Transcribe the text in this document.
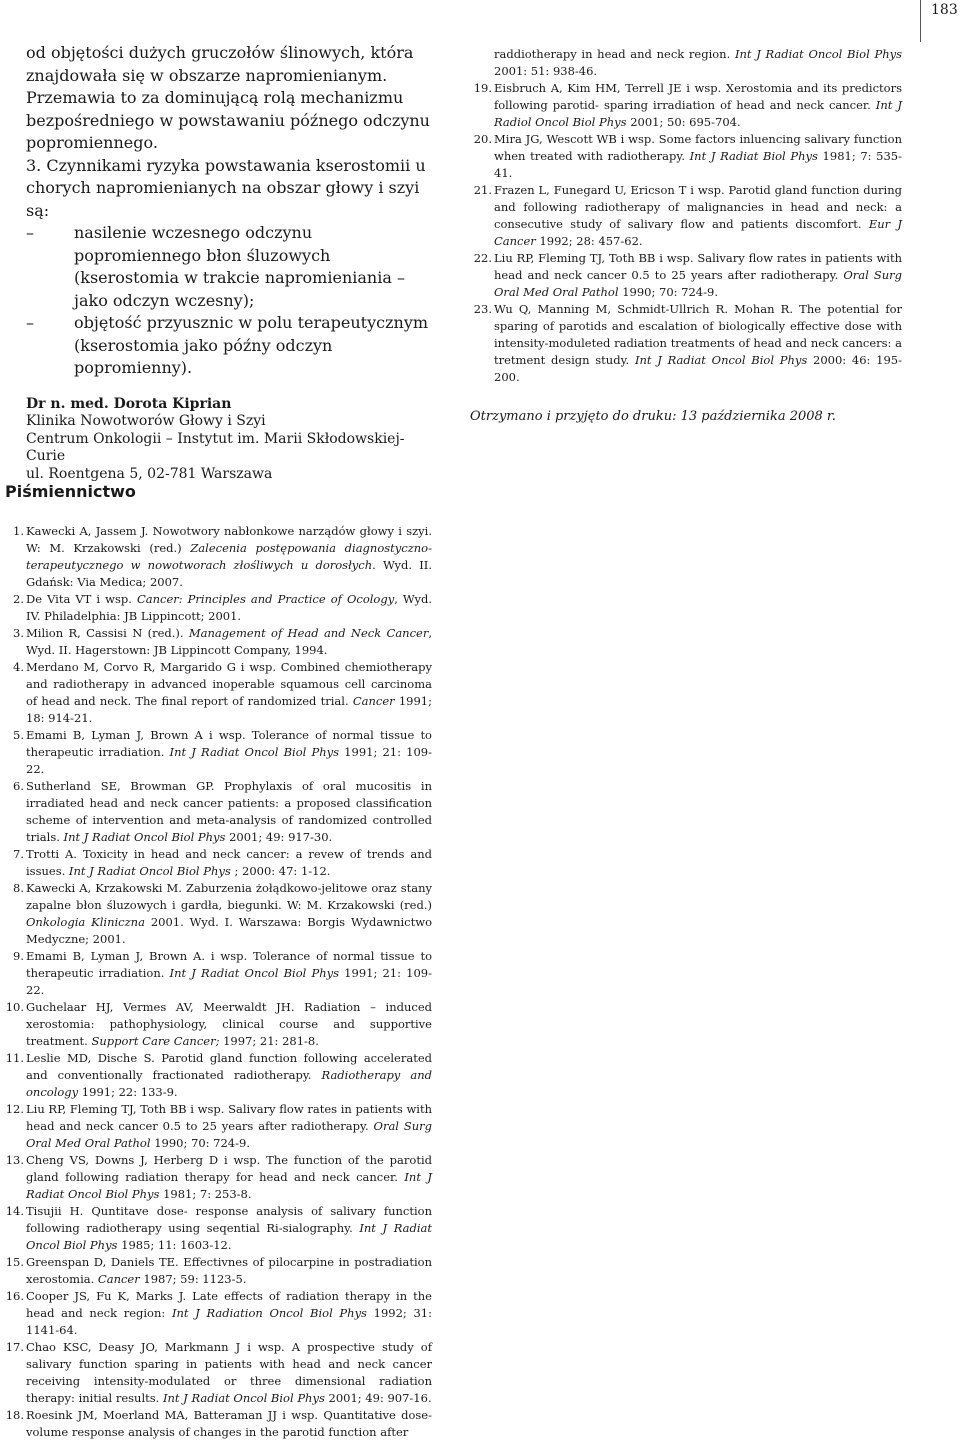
183

od objętości dużych gruczołów ślinowych, która znajdowała się w obszarze napromienianym. Przemawia to za dominującą rolą mechanizmu bezpośredniego w powstawaniu późnego odczynu popromiennego.

3. Czynnikami ryzyka powstawania kserostomii u chorych napromienianych na obszar głowy i szyi są:

–	nasilenie wczesnego odczynu popromiennego błon śluzowych (kserostomia w trakcie napromieniania – jako odczyn wczesny);
–	objętość przyusznic w polu terapeutycznym (kserostomia jako późny odczyn popromienny).
Dr n. med. Dorota Kiprian
Klinika Nowotworów Głowy i Szyi
Centrum Onkologii – Instytut im. Marii Skłodowskiej-Curie
ul. Roentgena 5, 02-781 Warszawa
raddiotherapy in head and neck region. Int J Radiat Oncol Biol Phys 2001: 51: 938-46.
19. Eisbruch A, Kim HM, Terrell JE i wsp. Xerostomia and its predictors following parotid- sparing irradiation of head and neck cancer. Int J Radiol Oncol Biol Phys 2001; 50: 695-704.
20. Mira JG, Wescott WB i wsp. Some factors inluencing salivary function when treated with radiotherapy. Int J Radiat Biol Phys 1981; 7: 535-41.
21. Frazen L, Funegard U, Ericson T i wsp. Parotid gland function during and following radiotherapy of malignancies in head and neck: a consecutive study of salivary flow and patients discomfort. Eur J Cancer 1992; 28: 457-62.
22. Liu RP, Fleming TJ, Toth BB i wsp. Salivary flow rates in patients with head and neck cancer 0.5 to 25 years after radiotherapy. Oral Surg Oral Med Oral Pathol 1990; 70: 724-9.
23. Wu Q, Manning M, Schmidt-Ullrich R. Mohan R. The potential for sparing of parotids and escalation of biologically effective dose with intensity-moduleted radiation treatments of head and neck cancers: a tretment design study. Int J Radiat Oncol Biol Phys 2000: 46: 195-200.
Otrzymano i przyjęto do druku: 13 października 2008 r.
Piśmiennictwo
1. Kawecki A, Jassem J. Nowotwory nabłonkowe narządów głowy i szyi. W: M. Krzakowski (red.) Zalecenia postępowania diagnostyczno-terapeutycznego w nowotworach złośliwych u dorosłych. Wyd. II. Gdańsk: Via Medica; 2007.
2. De Vita VT i wsp. Cancer: Principles and Practice of Ocology, Wyd. IV. Philadelphia: JB Lippincott; 2001.
3. Milion R, Cassisi N (red.). Management of Head and Neck Cancer, Wyd. II. Hagerstown: JB Lippincott Company, 1994.
4. Merdano M, Corvo R, Margarido G i wsp. Combined chemiotherapy and radiotherapy in advanced inoperable squamous cell carcinoma of head and neck. The final report of randomized trial. Cancer 1991; 18: 914-21.
5. Emami B, Lyman J, Brown A i wsp. Tolerance of normal tissue to therapeutic irradiation. Int J Radiat Oncol Biol Phys 1991; 21: 109-22.
6. Sutherland SE, Browman GP. Prophylaxis of oral mucositis in irradiated head and neck cancer patients: a proposed classification scheme of intervention and meta-analysis of randomized controlled trials. Int J Radiat Oncol Biol Phys 2001; 49: 917-30.
7. Trotti A. Toxicity in head and neck cancer: a revew of trends and issues. Int J Radiat Oncol Biol Phys ; 2000: 47: 1-12.
8. Kawecki A, Krzakowski M. Zaburzenia żołądkowo-jelitowe oraz stany zapalne błon śluzowych i gardła, biegunki. W: M. Krzakowski (red.) Onkologia Kliniczna 2001. Wyd. I. Warszawa: Borgis Wydawnictwo Medyczne; 2001.
9. Emami B, Lyman J, Brown A. i wsp. Tolerance of normal tissue to therapeutic irradiation. Int J Radiat Oncol Biol Phys 1991; 21: 109-22.
10. Guchelaar HJ, Vermes AV, Meerwaldt JH. Radiation – induced xerostomia: pathophysiology, clinical course and supportive treatment. Support Care Cancer; 1997; 21: 281-8.
11. Leslie MD, Dische S. Parotid gland function following accelerated and conventionally fractionated radiotherapy. Radiotherapy and oncology 1991; 22: 133-9.
12. Liu RP, Fleming TJ, Toth BB i wsp. Salivary flow rates in patients with head and neck cancer 0.5 to 25 years after radiotherapy. Oral Surg Oral Med Oral Pathol 1990; 70: 724-9.
13. Cheng VS, Downs J, Herberg D i wsp. The function of the parotid gland following radiation therapy for head and neck cancer. Int J Radiat Oncol Biol Phys 1981; 7: 253-8.
14. Tisujii H. Quntitave dose- response analysis of salivary function following radiotherapy using seqential Ri-sialography. Int J Radiat Oncol Biol Phys 1985; 11: 1603-12.
15. Greenspan D, Daniels TE. Effectivnes of pilocarpine in postradiation xerostomia. Cancer 1987; 59: 1123-5.
16. Cooper JS, Fu K, Marks J. Late effects of radiation therapy in the head and neck region: Int J Radiation Oncol Biol Phys 1992; 31: 1141-64.
17. Chao KSC, Deasy JO, Markmann J i wsp. A prospective study of salivary function sparing in patients with head and neck cancer receiving intensity-modulated or three dimensional radiation therapy: initial results. Int J Radiat Oncol Biol Phys 2001; 49: 907-16.
18. Roesink JM, Moerland MA, Batteraman JJ i wsp. Quantitative dose-volume response analysis of changes in the parotid function after
